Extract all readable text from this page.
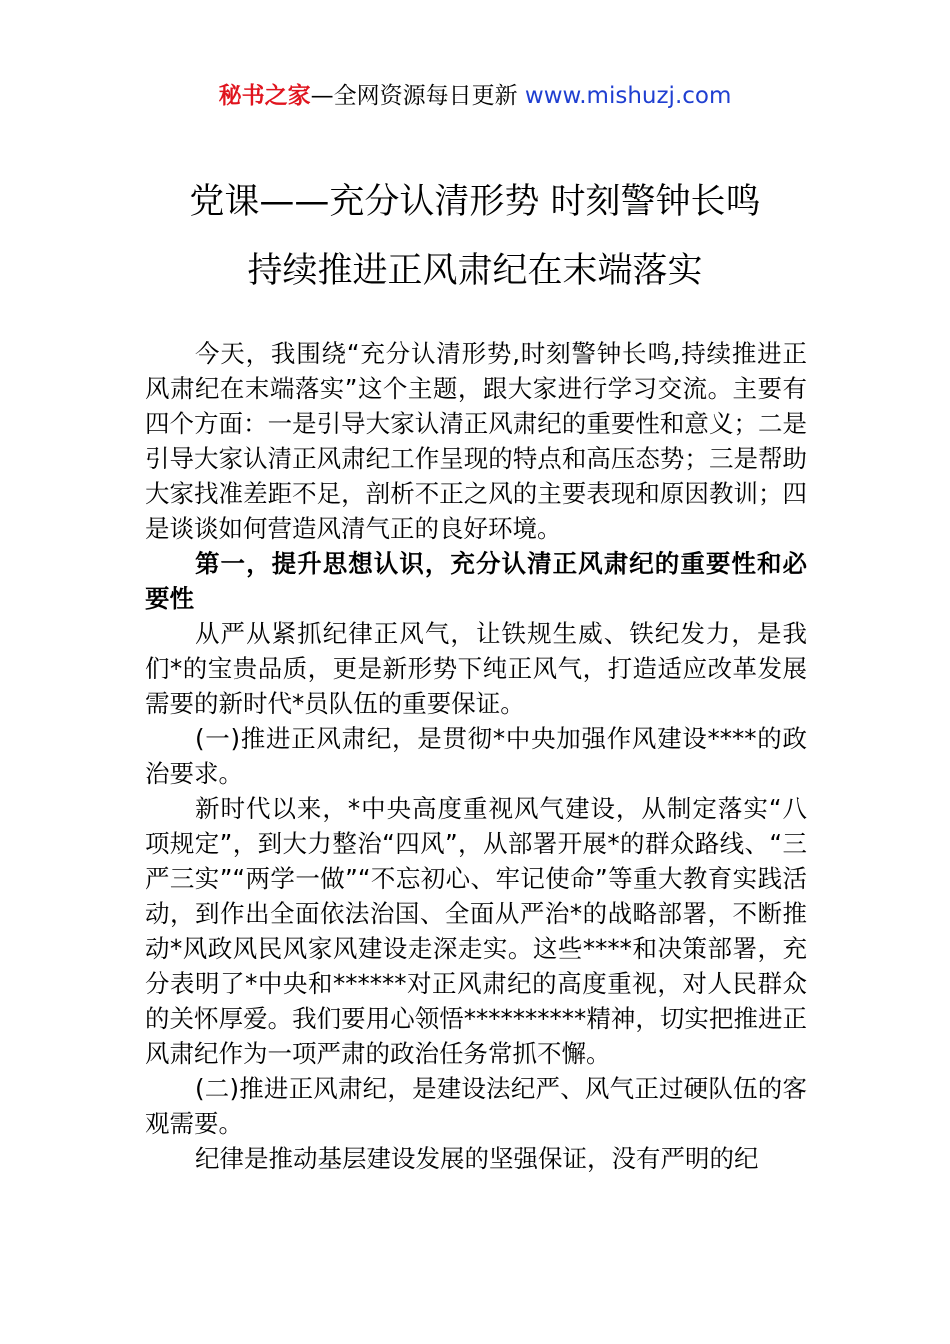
秘书之家—全网资源每日更新 www.mishuzj.com
党课——充分认清形势 时刻警钟长鸣
持续推进正风肃纪在末端落实

今天，我围绕“充分认清形势,时刻警钟长鸣,持续推进正风肃纪在末端落实”这个主题，跟大家进行学习交流。主要有四个方面：一是引导大家认清正风肃纪的重要性和意义；二是引导大家认清正风肃纪工作呈现的特点和高压态势；三是帮助大家找准差距不足，剖析不正之风的主要表现和原因教训；四是谈谈如何营造风清气正的良好环境。

第一，提升思想认识，充分认清正风肃纪的重要性和必要性

从严从紧抓纪律正风气，让铁规生威、铁纪发力，是我们*的宝贵品质，更是新形势下纯正风气，打造适应改革发展需要的新时代*员队伍的重要保证。

(一)推进正风肃纪，是贯彻*中央加强作风建设****的政治要求。

新时代以来，*中央高度重视风气建设，从制定落实“八项规定”，到大力整治“四风”，从部署开展*的群众路线、“三严三实”“两学一做”“不忘初心、牢记使命”等重大教育实践活动，到作出全面依法治国、全面从严治*的战略部署，不断推动*风政风民风家风建设走深走实。这些****和决策部署，充分表明了*中央和******对正风肃纪的高度重视，对人民群众的关怀厚爱。我们要用心领悟**********精神，切实把推进正风肃纪作为一项严肃的政治任务常抓不懈。

(二)推进正风肃纪，是建设法纪严、风气正过硬队伍的客观需要。

纪律是推动基层建设发展的坚强保证，没有严明的纪
